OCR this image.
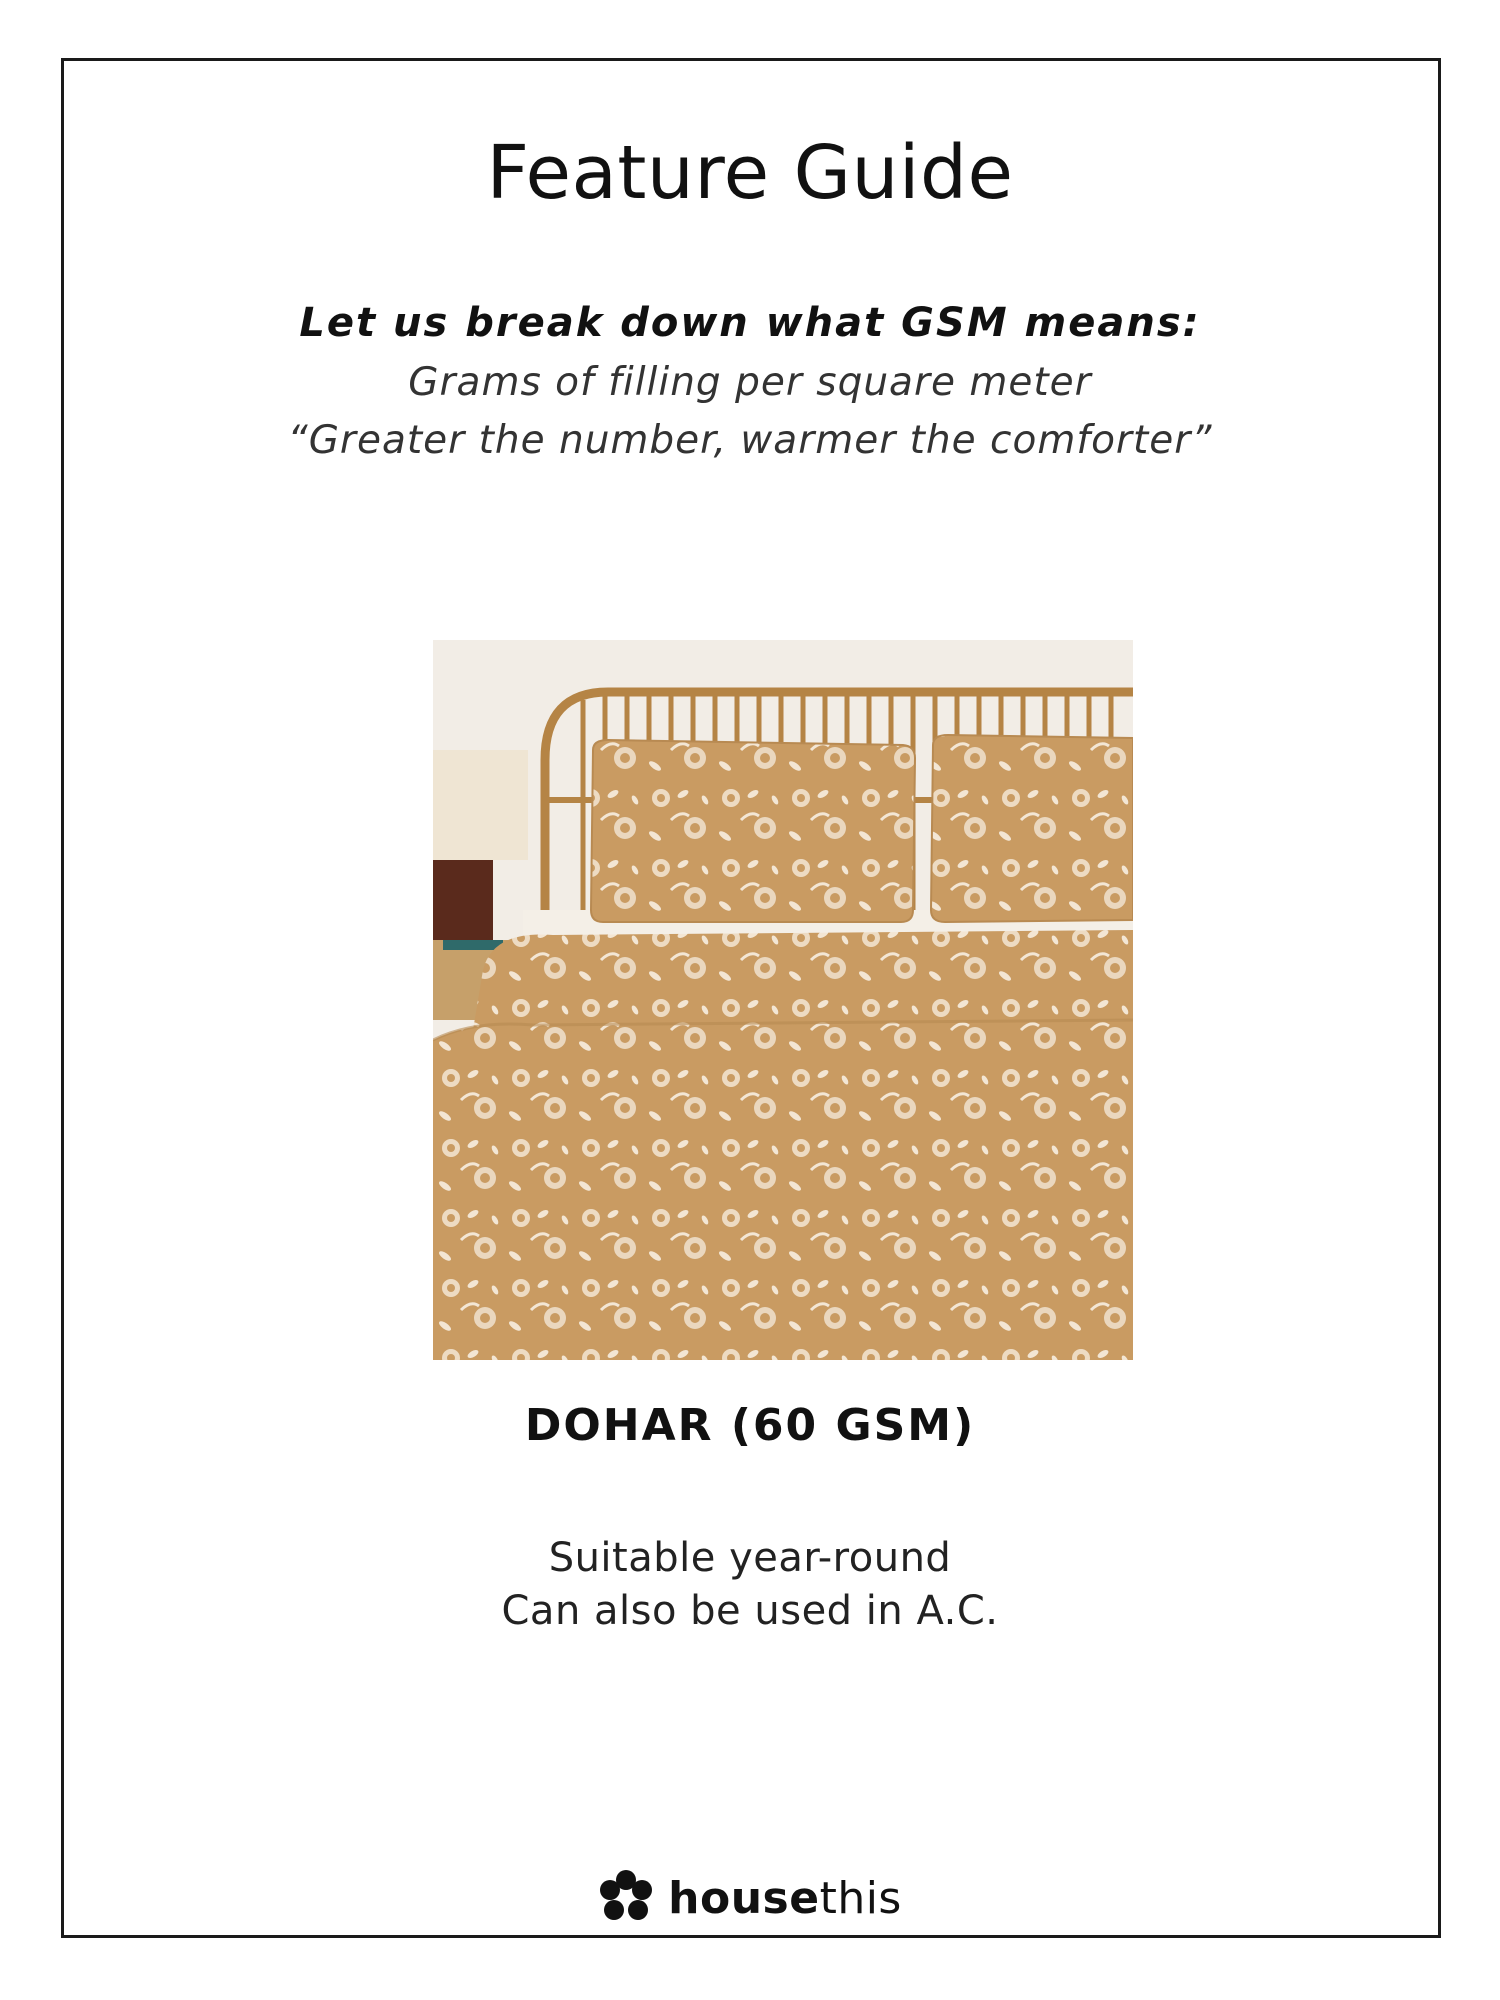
Feature Guide
Let us break down what GSM means:
Grams of filling per square meter
“Greater the number, warmer the comforter”
DOHAR (60 GSM)
Suitable year-round
Can also be used in A.C.
housethis
